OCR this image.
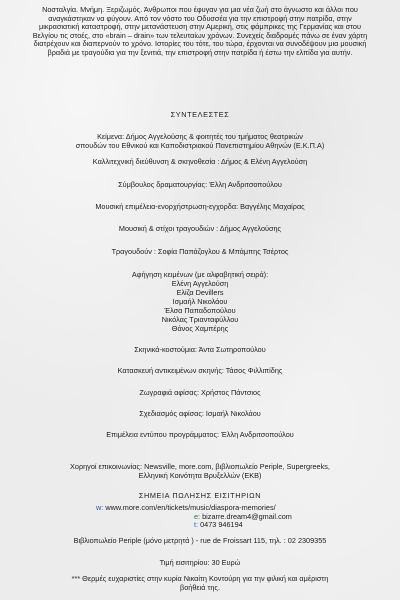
Νοσταλγία. Μνήμη. Ξεριζωμός. Άνθρωποι που έφυγαν για μια νέα ζωή στο άγνωστο και άλλοι που αναγκάστηκαν να φύγουν. Από τον νόστο του Οδυσσέα για την επιστροφή στην πατρίδα, στην μικρασιατική καταστροφή, στην μετανάστευση στην Αμερική, στις φάμπρικες της Γερμανίας και στου Βελγίου τις στοές, στο «brain – drain» των τελευταίων χρόνων. Συνεχείς διαδρομές πάνω σε έναν χάρτη διατρέχουν και διαπερνούν το χρόνο. Ιστορίες του τότε, του τώρα, έρχονται να συνοδέψουν μια μουσική βραδιά με τραγούδια για την ξενιτιά, την επιστροφή στην πατρίδα ή έστω την ελπίδα για αυτήν.
ΣΥΝΤΕΛΕΣΤΕΣ
Κείμενα: Δήμος Αγγελούσης & φοιτητές του τμήματος θεατρικών
σπουδών του Εθνικού και Καποδιστριακού Πανεπιστημίου Αθηνών (Ε.Κ.Π.Α)
Καλλιτεχνική διεύθυνση & σκηνοθεσία : Δήμος & Ελένη Αγγελούση
Σύμβουλος δραματουργίας: Έλλη Ανδριτσοπούλου
Μουσική επιμέλεια-ενορχήστρωση-εγχορδα: Βαγγέλης Μαχαίρας
Μουσική & στίχοι τραγουδιών : Δήμος Αγγελούσης
Τραγουδούν : Σοφία Παπάζογλου & Μπάμπης Τσέρτος
Αφήγηση κειμένων (με αλφαβητική σειρά):
Ελένη Αγγελούση
Ελίζα Devillers
Ισμαήλ Νικολάου
Έλσα Παπαδοπούλου
Νικόλας Τριανταφύλλου
Θάνος Χαμπέρης
Σκηνικά-κοστούμια: Άντα Σωτηροπούλου
Κατασκευή αντικειμένων σκηνής: Τάσος Φιλλιπίδης
Ζωγραφιά αφίσας: Χρήστος Πάντσιος
Σχεδιασμός αφίσας: Ισμαήλ Νικολάου
Επιμέλεια εντύπου προγράμματος: Έλλη Ανδριτσοπούλου
Χορηγοί επικοινωνίας: Newsville, more.com, βιβλιοπωλείο Periple, Supergreeks,
Ελληνική Κοινότητα Βρυξελλών (ΕΚΒ)
ΣΗΜΕΙΑ ΠΩΛΗΣΗΣ ΕΙΣΙΤΗΡΙΩΝ
w: www.more.com/en/tickets/music/diaspora-memories/
e: bizarre.dream4@gmail.com
t: 0473 946194
Βιβλιοπωλείο Periple (μόνο μετρητά ) - rue de Froissart 115, τηλ. : 02 2309355
Τιμή εισιτηρίου: 30 Ευρώ
*** Θερμές ευχαριστίες στην κυρία Νικαίτη Κοντούρη για την φιλική και αμέριστη
βοήθειά της.
